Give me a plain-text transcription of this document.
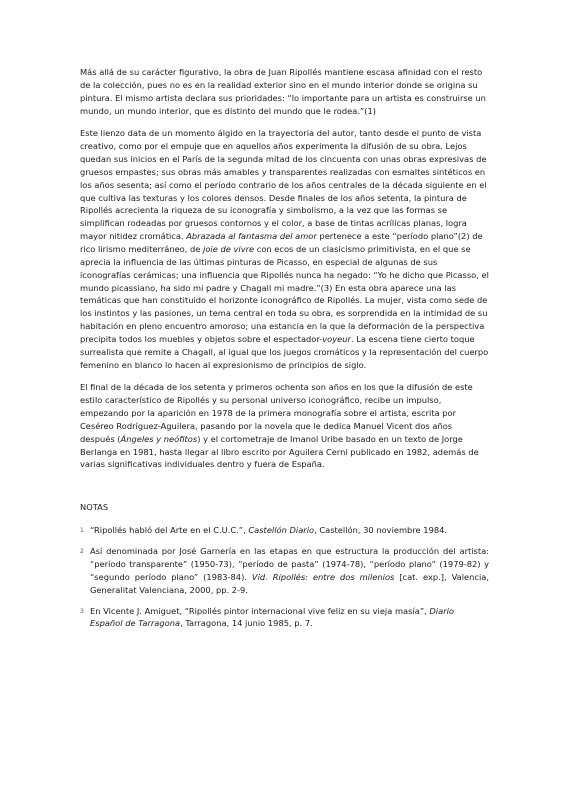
Más allá de su carácter figurativo, la obra de Juan Ripollés mantiene escasa afinidad con el resto de la colección, pues no es en la realidad exterior sino en el mundo interior donde se origina su pintura. El mismo artista declara sus prioridades: “lo importante para un artista es construirse un mundo, un mundo interior, que es distinto del mundo que le rodea.”(1)

Este lienzo data de un momento álgido en la trayectoria del autor, tanto desde el punto de vista creativo, como por el empuje que en aquellos años experimenta la difusión de su obra. Lejos quedan sus inicios en el París de la segunda mitad de los cincuenta con unas obras expresivas de gruesos empastes; sus obras más amables y transparentes realizadas con esmaltes sintéticos en los años sesenta; así como el período contrario de los años centrales de la década siguiente en el que cultiva las texturas y los colores densos. Desde finales de los años setenta, la pintura de Ripollés acrecienta la riqueza de su iconografía y simbolismo, a la vez que las formas se simplifican rodeadas por gruesos contornos y el color, a base de tintas acrílicas planas, logra mayor nitidez cromática. Abrazada al fantasma del amor pertenece a este “período plano”(2) de rico lirismo mediterráneo, de joie de vivre con ecos de un clasicismo primitivista, en el que se aprecia la influencia de las últimas pinturas de Picasso, en especial de algunas de sus iconografías cerámicas; una influencia que Ripollés nunca ha negado: “Yo he dicho que Picasso, el mundo picassiano, ha sido mi padre y Chagall mi madre.”(3) En esta obra aparece una las temáticas que han constituido el horizonte iconográfico de Ripollés. La mujer, vista como sede de los instintos y las pasiones, un tema central en toda su obra, es sorprendida en la intimidad de su habitación en pleno encuentro amoroso; una estancia en la que la deformación de la perspectiva precipita todos los muebles y objetos sobre el espectador-voyeur. La escena tiene cierto toque surrealista que remite a Chagall, al igual que los juegos cromáticos y la representación del cuerpo femenino en blanco lo hacen al expresionismo de principios de siglo.

El final de la década de los setenta y primeros ochenta son años en los que la difusión de este estilo característico de Ripollés y su personal universo iconográfico, recibe un impulso, empezando por la aparición en 1978 de la primera monografía sobre el artista, escrita por Ceséreo Rodríguez-Aguilera, pasando por la novela que le dedica Manuel Vicent dos años después (Ángeles y neófitos) y el cortometraje de Imanol Uribe basado en un texto de Jorge Berlanga en 1981, hasta llegar al libro escrito por Aguilera Cerni publicado en 1982, además de varias significativas individuales dentro y fuera de España.

NOTAS
1 “Ripollés habló del Arte en el C.U.C.”, Castellón Diario, Castellón, 30 noviembre 1984.
2 Así denominada por José Garnería en las etapas en que estructura la producción del artista: “período transparente” (1950-73), “período de pasta” (1974-78), “período plano” (1979-82) y “segundo período plano” (1983-84). Vid. Ripollés: entre dos milenios [cat. exp.], Valencia, Generalitat Valenciana, 2000, pp. 2-9.
3 En Vicente J. Amiguet, “Ripollés pintor internacional vive feliz en su vieja masía”, Diario Español de Tarragona, Tarragona, 14 junio 1985, p. 7.
